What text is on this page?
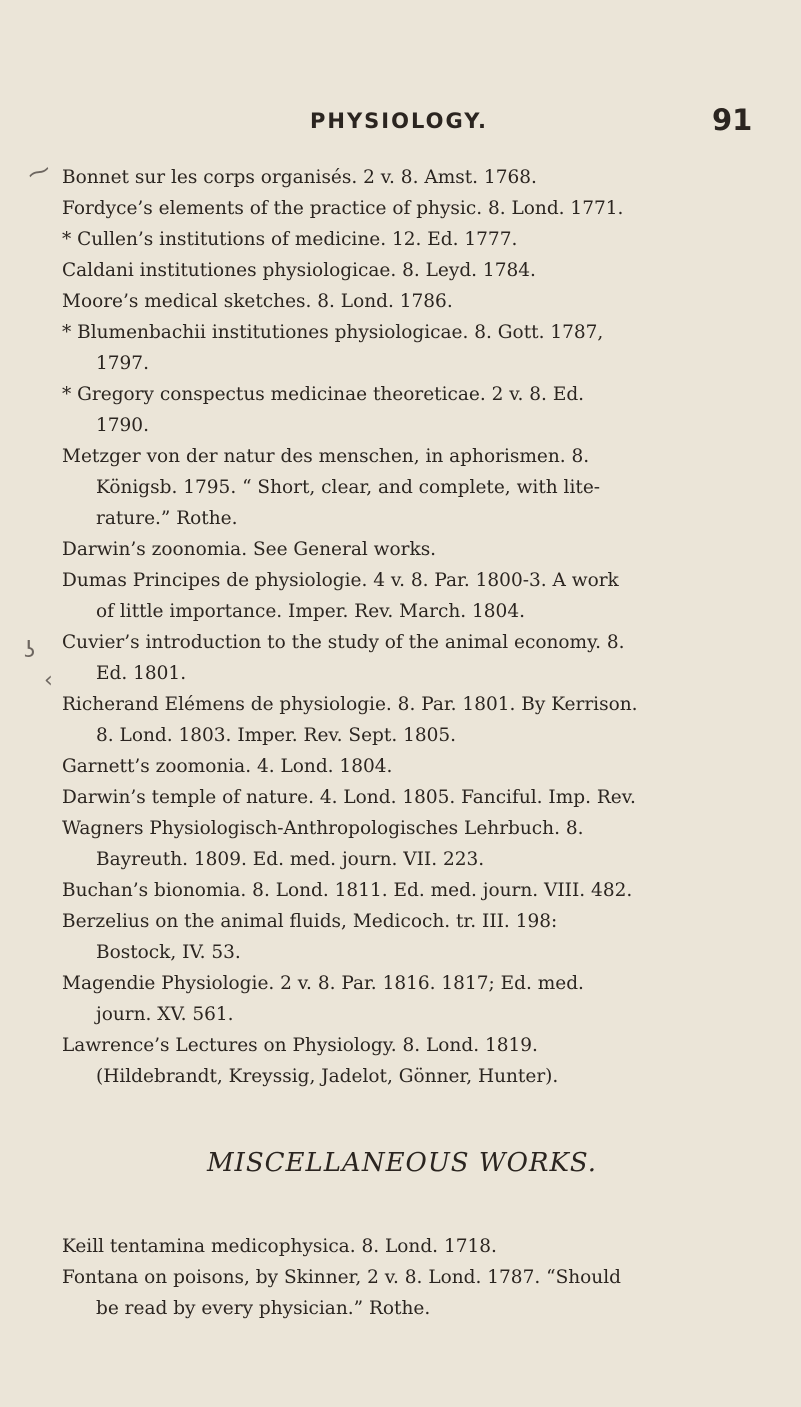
PHYSIOLOGY.	91
⁓
ʖ
‹

Bonnet sur les corps organisés. 2 v. 8. Amst. 1768.

Fordyce’s elements of the practice of physic. 8. Lond. 1771.

* Cullen’s institutions of medicine. 12. Ed. 1777.

Caldani institutiones physiologicae. 8. Leyd. 1784.

Moore’s medical sketches. 8. Lond. 1786.

* Blumenbachii institutiones physiologicae. 8. Gott. 1787,
1797.

* Gregory conspectus medicinae theoreticae. 2 v. 8. Ed.
1790.

Metzger von der natur des menschen, in aphorismen. 8.
Königsb. 1795. “ Short, clear, and complete, with lite-
rature.” Rothe.

Darwin’s zoonomia. See General works.

Dumas Principes de physiologie. 4 v. 8. Par. 1800-3. A work
of little importance. Imper. Rev. March. 1804.

Cuvier’s introduction to the study of the animal economy. 8.
Ed. 1801.

Richerand Elémens de physiologie. 8. Par. 1801. By Kerrison.
8. Lond. 1803. Imper. Rev. Sept. 1805.

Garnett’s zoomonia. 4. Lond. 1804.

Darwin’s temple of nature. 4. Lond. 1805. Fanciful. Imp. Rev.

Wagners Physiologisch-Anthropologisches Lehrbuch. 8.
Bayreuth. 1809. Ed. med. journ. VII. 223.

Buchan’s bionomia. 8. Lond. 1811. Ed. med. journ. VIII. 482.

Berzelius on the animal fluids, Medicoch. tr. III. 198:
Bostock, IV. 53.

Magendie Physiologie. 2 v. 8. Par. 1816. 1817; Ed. med.
journ. XV. 561.

Lawrence’s Lectures on Physiology. 8. Lond. 1819.
(Hildebrandt, Kreyssig, Jadelot, Gönner, Hunter).

MISCELLANEOUS WORKS.

Keill tentamina medicophysica. 8. Lond. 1718.

Fontana on poisons, by Skinner, 2 v. 8. Lond. 1787. “Should
be read by every physician.” Rothe.
